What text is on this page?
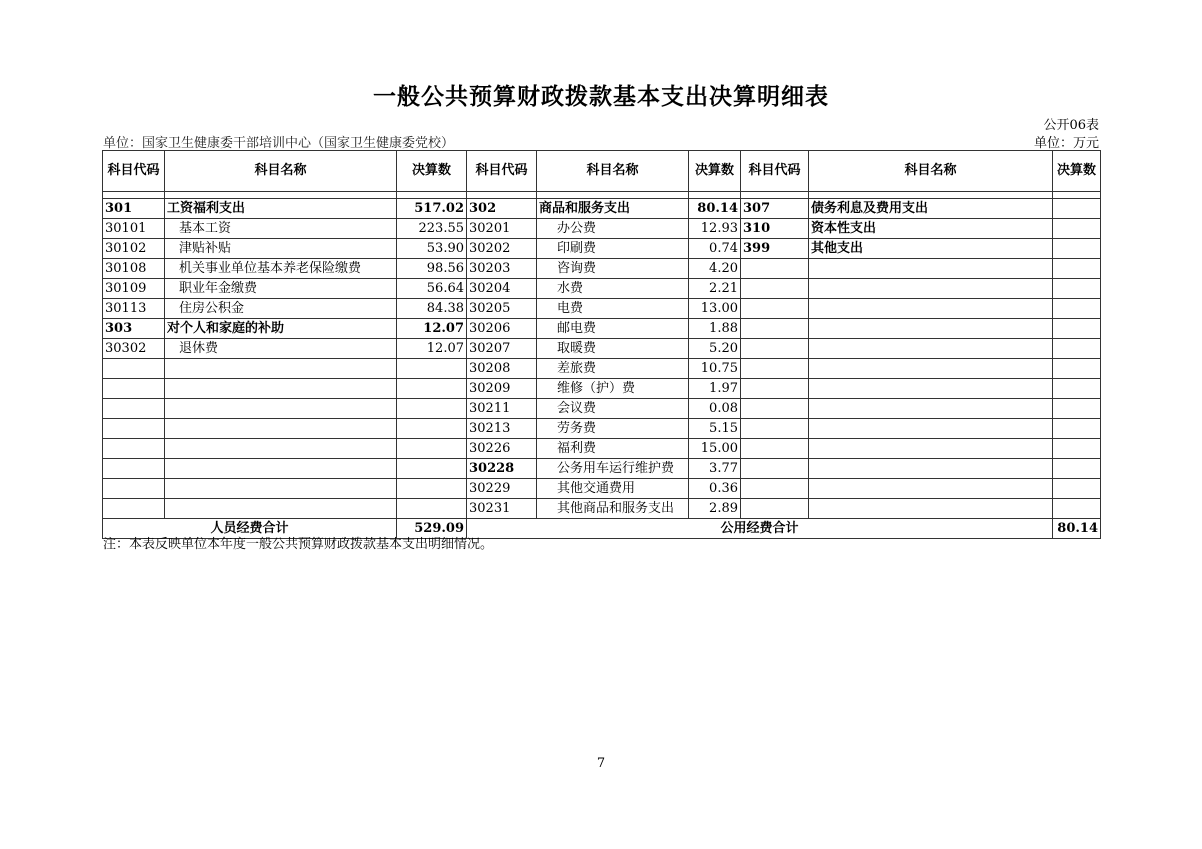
一般公共预算财政拨款基本支出决算明细表
公开06表
单位：国家卫生健康委干部培训中心（国家卫生健康委党校）	单位：万元
科目代码	科目名称	决算数	科目代码	科目名称	决算数	科目代码	科目名称	决算数

301	工资福利支出	517.02	302	商品和服务支出	80.14	307	债务利息及费用支出	
30101	基本工资	223.55	30201	办公费	12.93	310	资本性支出	
30102	津贴补贴	53.90	30202	印刷费	0.74	399	其他支出	
30108	机关事业单位基本养老保险缴费	98.56	30203	咨询费	4.20			
30109	职业年金缴费	56.64	30204	水费	2.21			
30113	住房公积金	84.38	30205	电费	13.00			
303	对个人和家庭的补助	12.07	30206	邮电费	1.88			
30302	退休费	12.07	30207	取暖费	5.20			
			30208	差旅费	10.75			
			30209	维修（护）费	1.97			
			30211	会议费	0.08			
			30213	劳务费	5.15			
			30226	福利费	15.00			
			30228	公务用车运行维护费	3.77			
			30229	其他交通费用	0.36			
			30231	其他商品和服务支出	2.89			
人员经费合计		529.09	公用经费合计					80.14
注：本表反映单位本年度一般公共预算财政拨款基本支出明细情况。
7
